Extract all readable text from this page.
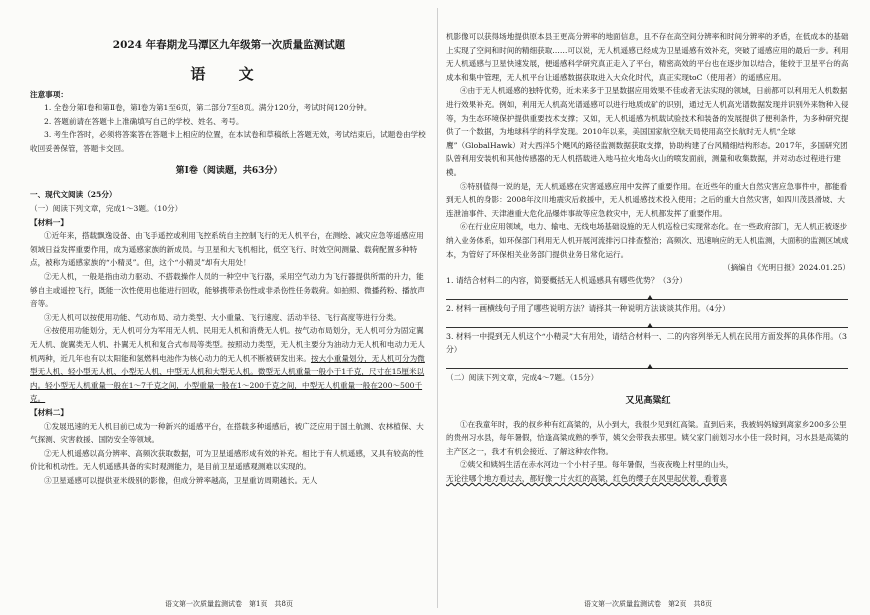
2024 年春期龙马潭区九年级第一次质量监测试题

语 文

注意事项：

1. 全卷分第Ⅰ卷和第Ⅱ卷，第Ⅰ卷为第1至6页，第二部分7至8页。满分120分，考试时间120分钟。

2. 答题前请在答题卡上准确填写自己的学校、姓名、考号。

3. 考生作答时，必须将答案答在答题卡上相应的位置，在本试卷和草稿纸上答题无效，考试结束后，试题卷由学校收回妥善保管，答题卡交回。

第Ⅰ卷（阅读题，共63分）

一、现代文阅读（25分）

（一）阅读下列文章，完成1～3题。（10分）

【材料一】

①近年来，搭载飘逸设备、由飞手遥控或利用飞控系统自主控制飞行的无人机平台，在测绘、减灾应急等遥感应用领域日益发挥重要作用，成为遥感家族的新成员。与卫星和大飞机相比，低空飞行、时效空间测量、载荷配置多种特点，被称为遥感家族的“小精灵”。但，这个“小精灵”却有大用处！

②无人机，一般是指由动力驱动、不搭载操作人员的一种空中飞行器，采用空气动力为飞行器提供所需的升力，能够自主或遥控飞行，既能一次性使用也能进行回收，能够携带杀伤性或非杀伤性任务载荷。如拍照、微播药粉、播放声音等。

③无人机可以按使用功能、气动布局、动力类型、大小重量、飞行速度、活动半径、飞行高度等进行分类。

④按使用功能划分，无人机可分为军用无人机、民用无人机和消费无人机。按气动布局划分，无人机可分为固定翼无人机、旋翼类无人机、扑翼无人机和复合式布局等类型。按照动力类型，无人机主要分为油动力无人机和电动力无人机两种，近几年也有以太阳能和氢燃料电池作为核心动力的无人机不断被研发出来。按大小重量划分，无人机可分为微型无人机、轻小型无人机、小型无人机、中型无人机和大型无人机。微型无人机重量一般小于1千克，尺寸在15厘米以内。轻小型无人机重量一般在1～7千克之间，小型重量一般在1～200千克之间，中型无人机重量一般在200～500千克。

【材料二】

①发展迅速的无人机目前已成为一种新兴的遥感平台，在搭载多种遥感后，被广泛应用于国土航测、农林植保、大气探测、灾害救援、国防安全等领域。

②无人机遥感以高分辨率、高频次获取数据，可为卫星遥感形成有效的补充。相比于有人机遥感，又具有较高的性价比和机动性。无人机遥感具备的实时观测能力，是目前卫星遥感观测难以实现的。

③卫星遥感可以提供亚米级别的影像，但成分辨率越高，卫星重访周期越长。无人

语文第一次质量监测试卷　第1页　共8页

机影像可以获得场地提供原本县王更高分辨率的地面信息，且不存在高空间分辨率和时间分辨率的矛盾，在低成本的基础上实现了空间和时间的精细获取……可以说，无人机遥感已经成为卫星遥感有效补充，突破了遥感应用的最后一步。利用无人机遥感与卫星快速发展，便遥感科学研究真正走入了平台，精密高效的平台也在逐步加以结合，能较于卫星平台的高成本和集中管理，无人机平台让遥感数据获取进入大众化时代，真正实现toC（使用者）的遥感应用。

④由于无人机遥感的独特优势，近未来多于卫星数据应用效果不佳或者无法实现的领域，日前都可以利用无人机数据进行效果补充。例如，利用无人机高光谱遥感可以进行地质成矿的识别，通过无人机高光谱数据发现并识别外来物种入侵等，为生态环境保护提供重要技术支撑；又如，无人机遥感为机载试验技术和装备的发展提供了便利条件，为多种研究提供了一个数据，为地球科学的科学发现。2010年以来，美国国家航空航天局使用高空长航时无人机“全球鹰”（GlobalHawk）对大西洋5个飓风的路径监测数据获取支撑，协助构建了台风精细结构形态。2017年，多国研究团队曾利用安装机和其他传感器的无人机搭载进入地马拉火地岛火山的喷发面前，测量和收集数据，并对动态过程进行建模。

⑤特别值得一说的是，无人机遥感在灾害遥感应用中发挥了重要作用。在近些年的重大自然灾害应急事件中，都能看到无人机的身影：2008年汶川地震灾后救援中，无人机遥感技术投入使用；之后的重大自然灾害，如四川茂县滑坡、大连泄油事件、天津港重大危化品爆炸事故等应急救灾中，无人机都发挥了重要作用。

⑥在行业应用领域，电力、输电、无线电场基础设施的无人机巡检已实现常态化。在一些政府部门，无人机正被逐步纳入业务体系，如环保部门利用无人机开展河流排污口排查整治；高频次、迅速响应的无人机监测，大面积的监测区域成本，为管好了环保相关业务部门提供业务日常化运行。

（摘编自《光明日报》2024.01.25）

1. 请结合材料二的内容，简要概括无人机遥感具有哪些优势？（3分）

2. 材料一画横线句子用了哪些说明方法？请择其一种说明方法谈谈其作用。（4分）

3. 材料一中提到无人机这个“小精灵”大有用处，请结合材料一、二的内容列举无人机在民用方面发挥的具体作用。（3分）

（二）阅读下列文章，完成4～7题。（15分）

又见高粱红

①在我童年时，我的叔乡种有红高粱的，从小到大，我很少见到红高粱。直到后来，我被妈妈嫁到离家乡200多公里的贵州习水县，每年暑假，恰逢高粱成熟的季节，姨父会带我去那里。姨父家门前划习水小佳一段时间，习水县是高粱的主产区之一，我才有机会接近、了解这种农作物。

②姨父和姨妈生活在赤水河边一个小村子里。每年暑假，当夜夜晚上村里的山头，

无论往哪个地方看过去，都好像一片火红的高粱，红色的缨子在风里起伏着，看着喜

语文第一次质量监测试卷　第2页　共8页
